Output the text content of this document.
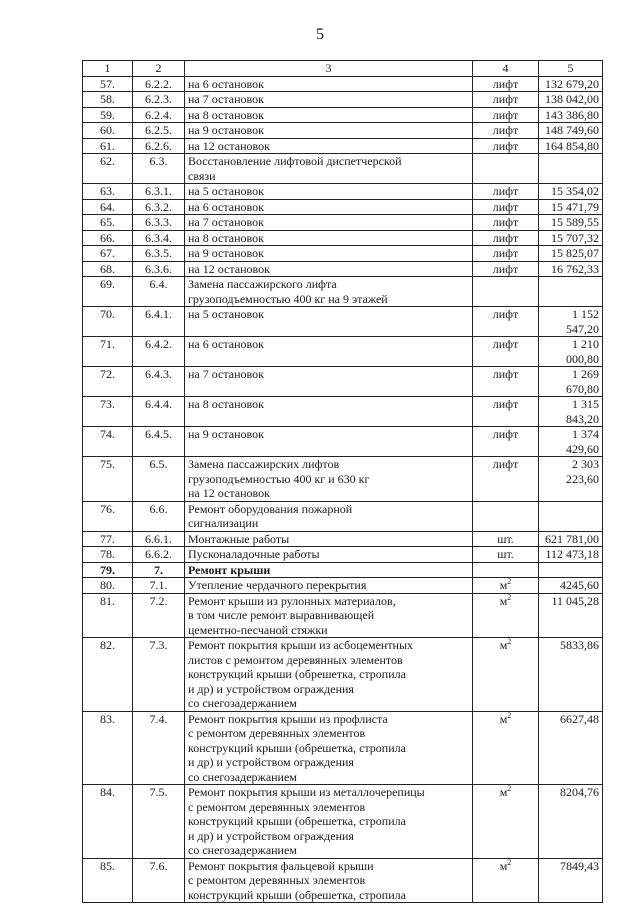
5
1	2	3	4	5
57.	6.2.2.	на 6 остановок	лифт	132 679,20
58.	6.2.3.	на 7 остановок	лифт	138 042,00
59.	6.2.4.	на 8 остановок	лифт	143 386,80
60.	6.2.5.	на 9 остановок	лифт	148 749,60
61.	6.2.6.	на 12 остановок	лифт	164 854,80
62.	6.3.	Восстановление лифтовой диспетчерской
связи		

63.	6.3.1.	на 5 остановок	лифт	15 354,02
64.	6.3.2.	на 6 остановок	лифт	15 471,79
65.	6.3.3.	на 7 остановок	лифт	15 589,55
66.	6.3.4.	на 8 остановок	лифт	15 707,32
67.	6.3.5.	на 9 остановок	лифт	15 825,07
68.	6.3.6.	на 12 остановок	лифт	16 762,33
69.	6.4.	Замена пассажирского лифта
грузоподъемностью 400 кг на 9 этажей		

70.	6.4.1.	на 5 остановок	лифт	1 152 547,20
71.	6.4.2.	на 6 остановок	лифт	1 210 000,80
72.	6.4.3.	на 7 остановок	лифт	1 269 670,80
73.	6.4.4.	на 8 остановок	лифт	1 315 843,20
74.	6.4.5.	на 9 остановок	лифт	1 374 429,60
75.	6.5.	Замена пассажирских лифтов
грузоподъемностью 400 кг и 630 кг
на 12 остановок	лифт	2 303 223,60
76.	6.6.	Ремонт оборудования пожарной
сигнализации		

77.	6.6.1.	Монтажные работы	шт.	621 781,00
78.	6.6.2.	Пусконаладочные работы	шт.	112 473,18
79.	7.	Ремонт крыши		

80.	7.1.	Утепление чердачного перекрытия	$м^2$	4245,60
81.	7.2.	Ремонт крыши из рулонных материалов,
в том числе ремонт выравнивающей
цементно-песчаной стяжки	$м^2$	11 045,28
82.	7.3.	Ремонт покрытия крыши из асбоцементных
листов с ремонтом деревянных элементов
конструкций крыши (обрешетка, стропила
и др) и устройством ограждения
со снегозадержанием	$м^2$	5833,86
83.	7.4.	Ремонт покрытия крыши из профлиста
с ремонтом деревянных элементов
конструкций крыши (обрешетка, стропила
и др) и устройством ограждения
со снегозадержанием	$м^2$	6627,48
84.	7.5.	Ремонт покрытия крыши из металлочерепицы
с ремонтом деревянных элементов
конструкций крыши (обрешетка, стропила
и др) и устройством ограждения
со снегозадержанием	$м^2$	8204,76
85.	7.6.	Ремонт покрытия фальцевой крыши
с ремонтом деревянных элементов
конструкций крыши (обрешетка, стропила	$м^2$	7849,43
